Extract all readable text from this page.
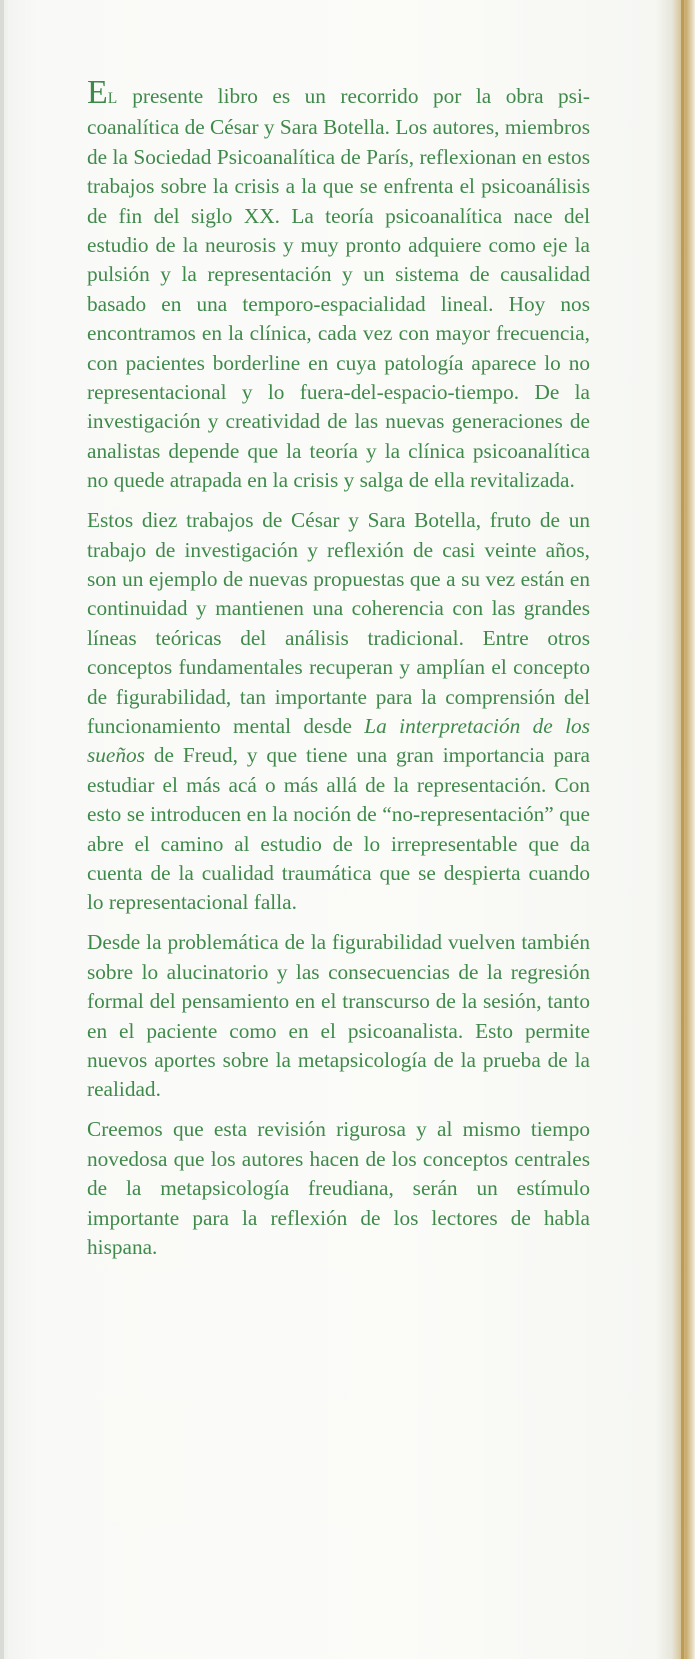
EL presente libro es un recorrido por la obra psicoanalítica de César y Sara Botella. Los autores, miembros de la Sociedad Psicoanalítica de París, reflexionan en estos trabajos sobre la crisis a la que se enfrenta el psicoanálisis de fin del siglo XX. La teoría psicoanalítica nace del estudio de la neurosis y muy pronto adquiere como eje la pulsión y la representación y un sistema de causalidad basado en una temporo-espacialidad lineal. Hoy nos encontramos en la clínica, cada vez con mayor frecuencia, con pacientes borderline en cuya patología aparece lo no representacional y lo fuera-del-espacio-tiempo. De la investigación y creatividad de las nuevas generaciones de analistas depende que la teoría y la clínica psicoanalítica no quede atrapada en la crisis y salga de ella revitalizada.

Estos diez trabajos de César y Sara Botella, fruto de un trabajo de investigación y reflexión de casi veinte años, son un ejemplo de nuevas propuestas que a su vez están en continuidad y mantienen una coherencia con las grandes líneas teóricas del análisis tradicional. Entre otros conceptos fundamentales recuperan y amplían el concepto de figurabilidad, tan importante para la comprensión del funcionamiento mental desde La interpretación de los sueños de Freud, y que tiene una gran importancia para estudiar el más acá o más allá de la representación. Con esto se introducen en la noción de “no-representación” que abre el camino al estudio de lo irrepresentable que da cuenta de la cualidad traumática que se despierta cuando lo representacional falla.

Desde la problemática de la figurabilidad vuelven también sobre lo alucinatorio y las consecuencias de la regresión formal del pensamiento en el transcurso de la sesión, tanto en el paciente como en el psicoanalista. Esto permite nuevos aportes sobre la metapsicología de la prueba de la realidad.

Creemos que esta revisión rigurosa y al mismo tiempo novedosa que los autores hacen de los conceptos centrales de la metapsicología freudiana, serán un estímulo importante para la reflexión de los lectores de habla hispana.
